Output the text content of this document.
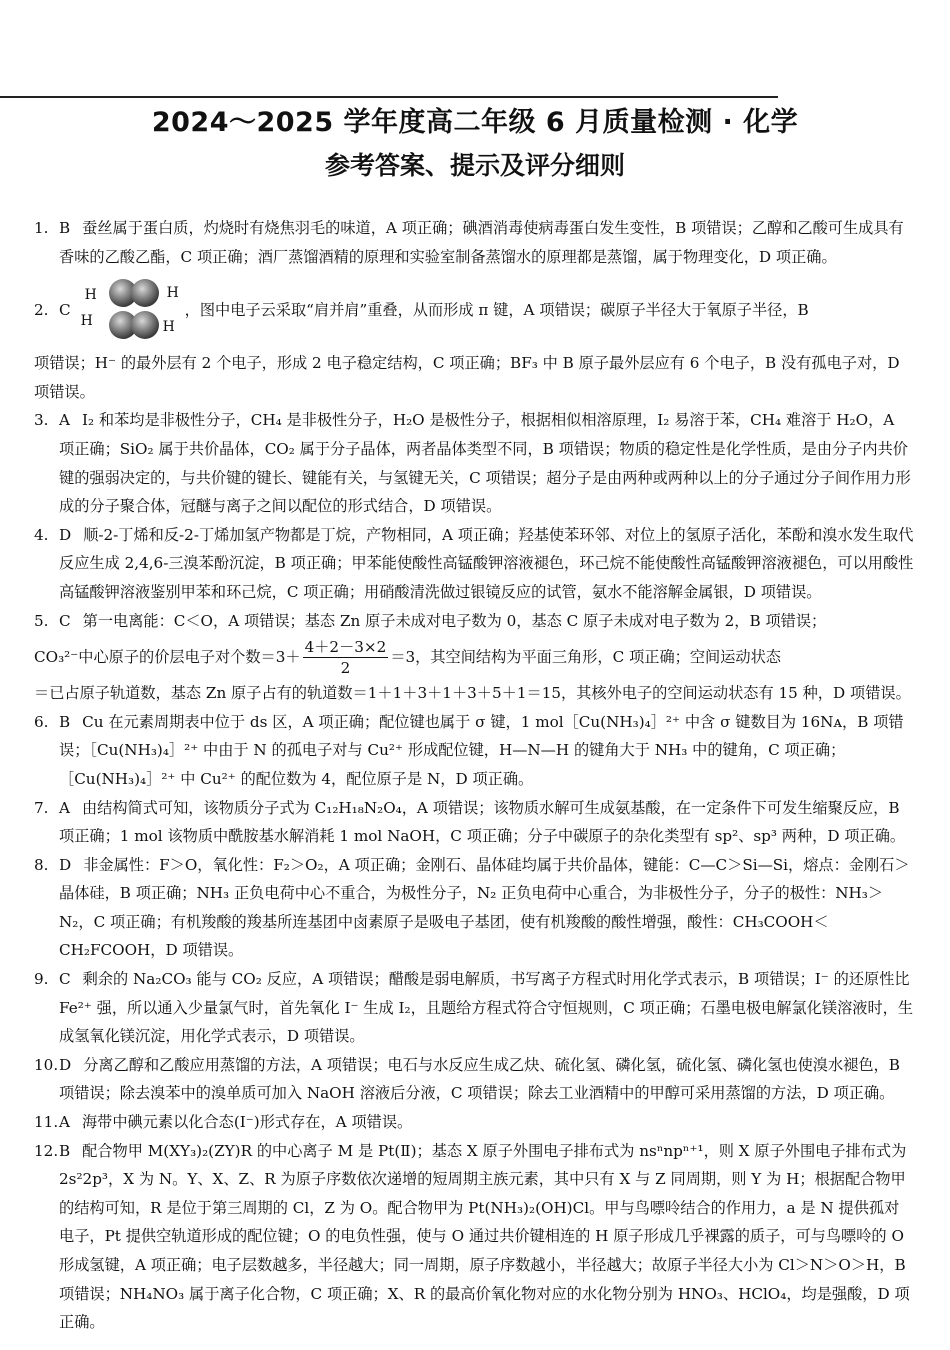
2024～2025 学年度高二年级 6 月质量检测 · 化学
参考答案、提示及评分细则
1. B 蚕丝属于蛋白质，灼烧时有烧焦羽毛的味道，A 项正确；碘酒消毒使病毒蛋白发生变性，B 项错误；乙醇和乙酸可生成具有香味的乙酸乙酯，C 项正确；酒厂蒸馏酒精的原理和实验室制备蒸馏水的原理都是蒸馏，属于物理变化，D 项正确。
2. C
H	H
H	H
，图中电子云采取“肩并肩”重叠，从而形成 π 键，A 项错误；碳原子半径大于氧原子半径，B
项错误；H⁻ 的最外层有 2 个电子，形成 2 电子稳定结构，C 项正确；BF₃ 中 B 原子最外层应有 6 个电子，B 没有孤电子对，D 项错误。
3. A I₂ 和苯均是非极性分子，CH₄ 是非极性分子，H₂O 是极性分子，根据相似相溶原理，I₂ 易溶于苯，CH₄ 难溶于 H₂O，A 项正确；SiO₂ 属于共价晶体，CO₂ 属于分子晶体，两者晶体类型不同，B 项错误；物质的稳定性是化学性质，是由分子内共价键的强弱决定的，与共价键的键长、键能有关，与氢键无关，C 项错误；超分子是由两种或两种以上的分子通过分子间作用力形成的分子聚合体，冠醚与离子之间以配位的形式结合，D 项错误。
4. D 顺-2-丁烯和反-2-丁烯加氢产物都是丁烷，产物相同，A 项正确；羟基使苯环邻、对位上的氢原子活化，苯酚和溴水发生取代反应生成 2,4,6-三溴苯酚沉淀，B 项正确；甲苯能使酸性高锰酸钾溶液褪色，环己烷不能使酸性高锰酸钾溶液褪色，可以用酸性高锰酸钾溶液鉴别甲苯和环己烷，C 项正确；用硝酸清洗做过银镜反应的试管，氨水不能溶解金属银，D 项错误。
5. C 第一电离能：C＜O，A 项错误；基态 Zn 原子未成对电子数为 0，基态 C 原子未成对电子数为 2，B 项错误；
CO₃²⁻ 中心原子的价层电子对个数$=3+ \frac{4+2-3\times 2}{2} =3$，其空间结构为平面三角形，C 项正确；空间运动状态
＝已占原子轨道数，基态 Zn 原子占有的轨道数＝1＋1＋3＋1＋3＋5＋1＝15，其核外电子的空间运动状态有 15 种，D 项错误。
6. B Cu 在元素周期表中位于 ds 区，A 项正确；配位键也属于 σ 键，1 mol［Cu(NH₃)₄］²⁺ 中含 σ 键数目为 16Nᴀ，B 项错误；［Cu(NH₃)₄］²⁺ 中由于 N 的孤电子对与 Cu²⁺ 形成配位键，H—N—H 的键角大于 NH₃ 中的键角，C 项正确；［Cu(NH₃)₄］²⁺ 中 Cu²⁺ 的配位数为 4，配位原子是 N，D 项正确。
7. A 由结构简式可知，该物质分子式为 C₁₂H₁₈N₂O₄，A 项错误；该物质水解可生成氨基酸，在一定条件下可发生缩聚反应，B 项正确；1 mol 该物质中酰胺基水解消耗 1 mol NaOH，C 项正确；分子中碳原子的杂化类型有 sp²、sp³ 两种，D 项正确。
8. D 非金属性：F＞O，氧化性：F₂＞O₂，A 项正确；金刚石、晶体硅均属于共价晶体，键能：C—C＞Si—Si，熔点：金刚石＞晶体硅，B 项正确；NH₃ 正负电荷中心不重合，为极性分子，N₂ 正负电荷中心重合，为非极性分子，分子的极性：NH₃＞N₂，C 项正确；有机羧酸的羧基所连基团中卤素原子是吸电子基团，使有机羧酸的酸性增强，酸性：CH₃COOH＜CH₂FCOOH，D 项错误。
9. C 剩余的 Na₂CO₃ 能与 CO₂ 反应，A 项错误；醋酸是弱电解质，书写离子方程式时用化学式表示，B 项错误；I⁻ 的还原性比 Fe²⁺ 强，所以通入少量氯气时，首先氧化 I⁻ 生成 I₂，且题给方程式符合守恒规则，C 项正确；石墨电极电解氯化镁溶液时，生成氢氧化镁沉淀，用化学式表示，D 项错误。
10. D 分离乙醇和乙酸应用蒸馏的方法，A 项错误；电石与水反应生成乙炔、硫化氢、磷化氢，硫化氢、磷化氢也使溴水褪色，B 项错误；除去溴苯中的溴单质可加入 NaOH 溶液后分液，C 项错误；除去工业酒精中的甲醇可采用蒸馏的方法，D 项正确。
11. A 海带中碘元素以化合态(I⁻)形式存在，A 项错误。
12. B 配合物甲 M(XY₃)₂(ZY)R 的中心离子 M 是 Pt(Ⅱ)；基态 X 原子外围电子排布式为 nsⁿnpⁿ⁺¹，则 X 原子外围电子排布式为 2s²2p³，X 为 N。Y、X、Z、R 为原子序数依次递增的短周期主族元素，其中只有 X 与 Z 同周期，则 Y 为 H；根据配合物甲的结构可知，R 是位于第三周期的 Cl，Z 为 O。配合物甲为 Pt(NH₃)₂(OH)Cl。甲与鸟嘌呤结合的作用力，a 是 N 提供孤对电子，Pt 提供空轨道形成的配位键；O 的电负性强，使与 O 通过共价键相连的 H 原子形成几乎裸露的质子，可与鸟嘌呤的 O 形成氢键，A 项正确；电子层数越多，半径越大；同一周期，原子序数越小，半径越大；故原子半径大小为 Cl＞N＞O＞H，B 项错误；NH₄NO₃ 属于离子化合物，C 项正确；X、R 的最高价氧化物对应的水化物分别为 HNO₃、HClO₄，均是强酸，D 项正确。
